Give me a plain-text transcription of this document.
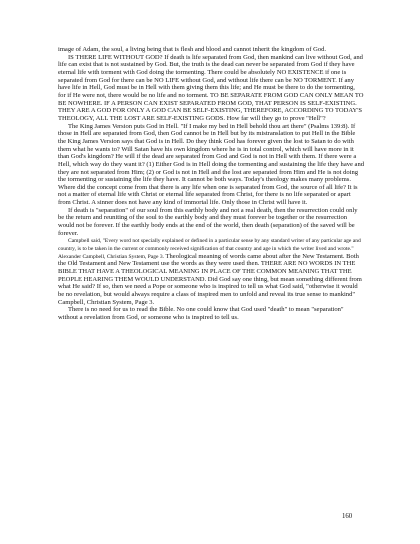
image of Adam, the soul, a living being that is flesh and blood and cannot inherit the kingdom of God.

IS THERE LIFE WITHOUT GOD? If death is life separated from God, then mankind can live without God, and life can exist that is not sustained by God. But, the truth is the dead can never be separated from God if they have eternal life with torment with God doing the tormenting. There could be absolutely NO EXISTENCE if one is separated from God for there can be NO LIFE without God, and without life there can be NO TORMENT. If any have life in Hell, God must be in Hell with them giving them this life; and He must be there to do the tormenting, for if He were not, there would be no life and no torment. TO BE SEPARATE FROM GOD CAN ONLY MEAN TO BE NOWHERE. IF A PERSON CAN EXIST SEPARATED FROM GOD, THAT PERSON IS SELF-EXISTING. THEY ARE A GOD FOR ONLY A GOD CAN BE SELF-EXISTING, THEREFORE, ACCORDING TO TODAY'S THEOLOGY, ALL THE LOST ARE SELF-EXISTING GODS. How far will they go to prove "Hell"?

The King James Version puts God in Hell. "If I make my bed in Hell behold thou art there" (Psalms 139:8). If those in Hell are separated from God, then God cannot be in Hell but by its mistranslation to put Hell in the Bible the King James Version says that God is in Hell. Do they think God has forever given the lost to Satan to do with them what he wants to? Will Satan have his own kingdom where he is in total control, which will have more in it than God's kingdom? He will if the dead are separated from God and God is not in Hell with them. If there were a Hell, which way do they want it? (1) Either God is in Hell doing the tormenting and sustaining the life they have and they are not separated from Him; (2) or God is not in Hell and the lost are separated from Him and He is not doing the tormenting or sustaining the life they have. It cannot be both ways. Today's theology makes many problems. Where did the concept come from that there is any life when one is separated from God, the source of all life? It is not a matter of eternal life with Christ or eternal life separated from Christ, for there is no life separated or apart from Christ. A sinner does not have any kind of immortal life. Only those in Christ will have it.

If death is "separation" of our soul from this earthly body and not a real death, then the resurrection could only be the return and reuniting of the soul to the earthly body and they must forever be together or the resurrection would not be forever. If the earthly body ends at the end of the world, then death (separation) of the saved will be forever.

Campbell said, "Every word not specially explained or defined in a particular sense by any standard writer of any particular age and country, is to be taken in the current or commonly received signification of that country and age in which the writer lived and wrote." Alexander Campbell, Christian System, Page 3. Theological meaning of words came about after the New Testament. Both the Old Testament and New Testament use the words as they were used then. THERE ARE NO WORDS IN THE BIBLE THAT HAVE A THEOLOGICAL MEANING IN PLACE OF THE COMMON MEANING THAT THE PEOPLE HEARING THEM WOULD UNDERSTAND. Did God say one thing, but mean something different from what He said? If so, then we need a Pope or someone who is inspired to tell us what God said, "otherwise it would be no revelation, but would always require a class of inspired men to unfold and reveal its true sense to mankind" Campbell, Christian System, Page 3.

There is no need for us to read the Bible. No one could know that God used "death" to mean "separation" without a revelation from God, or someone who is inspired to tell us.

160
